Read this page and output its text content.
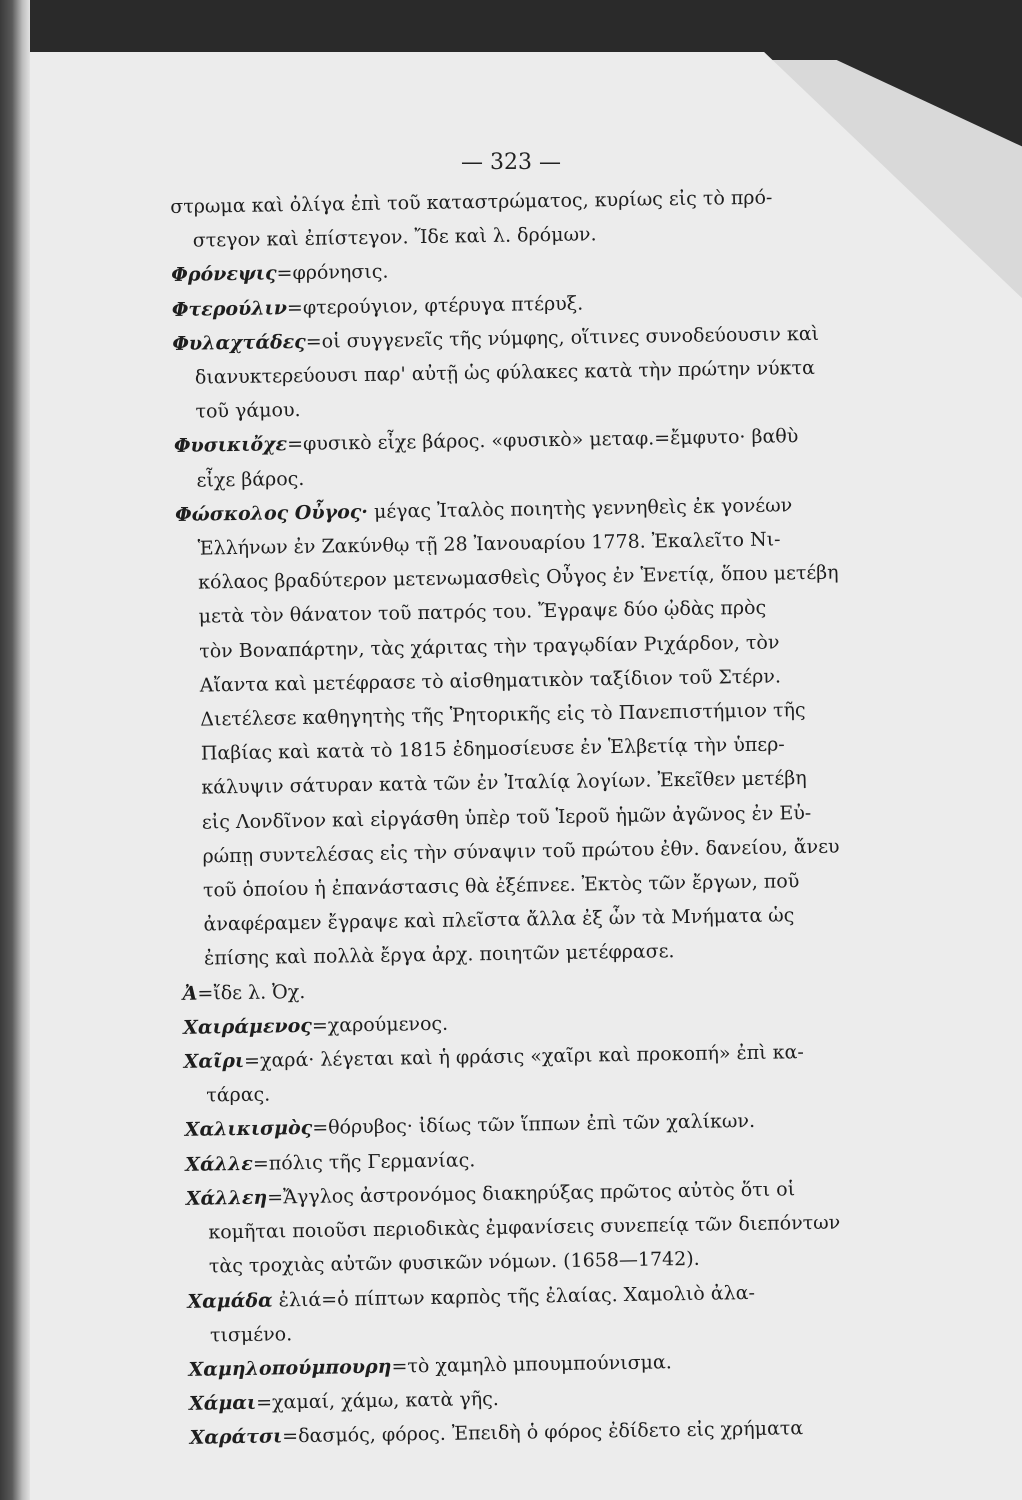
— 323 —
στρωμα καὶ ὀλίγα ἐπὶ τοῦ καταστρώματος, κυρίως εἰς τὸ πρό-
στεγον καὶ ἐπίστεγον. Ἴδε καὶ λ. δρόμων.
Φρόνεψις=φρόνησις.
Φτερούλιν=φτερούγιον, φτέρυγα πτέρυξ.
Φυλαχτάδες=οἱ συγγενεῖς τῆς νύμφης, οἵτινες συνοδεύουσιν καὶ
διανυκτερεύουσι παρ' αὐτῇ ὡς φύλακες κατὰ τὴν πρώτην νύκτα
τοῦ γάμου.
Φυσικιὄχε=φυσικὸ εἶχε βάρος. «φυσικὸ» μεταφ.=ἔμφυτο· βαθὺ
εἶχε βάρος.
Φώσκολος Οὖγος· μέγας Ἰταλὸς ποιητὴς γεννηθεὶς ἐκ γονέων
Ἑλλήνων ἐν Ζακύνθῳ τῇ 28 Ἰανουαρίου 1778. Ἐκαλεῖτο Νι-
κόλαος βραδύτερον μετενωμασθεὶς Οὖγος ἐν Ἑνετίᾳ, ὅπου μετέβη
μετὰ τὸν θάνατον τοῦ πατρός του. Ἔγραψε δύο ᾠδὰς πρὸς
τὸν Βοναπάρτην, τὰς χάριτας τὴν τραγῳδίαν Ριχάρδον, τὸν
Αἴαντα καὶ μετέφρασε τὸ αἰσθηματικὸν ταξίδιον τοῦ Στέρν.
Διετέλεσε καθηγητὴς τῆς Ῥητορικῆς εἰς τὸ Πανεπιστήμιον τῆς
Παβίας καὶ κατὰ τὸ 1815 ἐδημοσίευσε ἐν Ἑλβετίᾳ τὴν ὑπερ-
κάλυψιν σάτυραν κατὰ τῶν ἐν Ἰταλίᾳ λογίων. Ἐκεῖθεν μετέβη
εἰς Λονδῖνον καὶ εἰργάσθη ὑπὲρ τοῦ Ἱεροῦ ἡμῶν ἀγῶνος ἐν Εὐ-
ρώπῃ συντελέσας εἰς τὴν σύναψιν τοῦ πρώτου ἐθν. δανείου, ἄνευ
τοῦ ὁποίου ἡ ἐπανάστασις θὰ ἐξέπνεε. Ἐκτὸς τῶν ἔργων, ποῦ
ἀναφέραμεν ἔγραψε καὶ πλεῖστα ἄλλα ἐξ ὧν τὰ Μνήματα ὡς
ἐπίσης καὶ πολλὰ ἔργα ἀρχ. ποιητῶν μετέφρασε.
Ἀ=ἴδε λ. Ὀχ.
Χαιράμενος=χαρούμενος.
Χαῖρι=χαρά· λέγεται καὶ ἡ φράσις «χαῖρι καὶ προκοπή» ἐπὶ κα-
τάρας.
Χαλικισμὸς=θόρυβος· ἰδίως τῶν ἵππων ἐπὶ τῶν χαλίκων.
Χάλλε=πόλις τῆς Γερμανίας.
Χάλλεη=Ἄγγλος ἀστρονόμος διακηρύξας πρῶτος αὐτὸς ὅτι οἱ
κομῆται ποιοῦσι περιοδικὰς ἐμφανίσεις συνεπείᾳ τῶν διεπόντων
τὰς τροχιὰς αὐτῶν φυσικῶν νόμων. (1658—1742).
Χαμάδα ἐλιά=ὁ πίπτων καρπὸς τῆς ἐλαίας. Χαμολιὸ ἀλα-
τισμένο.
Χαμηλοπούμπουρη=τὸ χαμηλὸ μπουμπούνισμα.
Χάμαι=χαμαί, χάμω, κατὰ γῆς.
Χαράτσι=δασμός, φόρος. Ἐπειδὴ ὁ φόρος ἐδίδετο εἰς χρήματα
